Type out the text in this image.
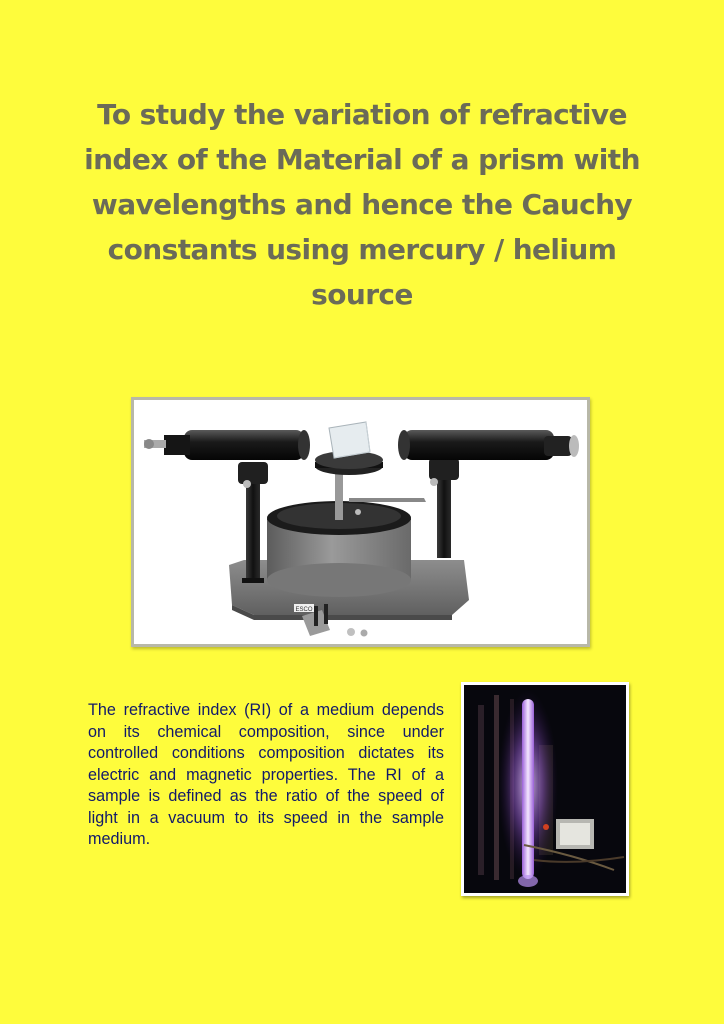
To study the variation of refractive index of the Material of a prism with wavelengths and hence the Cauchy constants using mercury / helium source
ESCO

The refractive index (RI) of a medium depends on its chemical composition, since under controlled conditions composition dictates its electric and magnetic properties. The RI of a sample is defined as the ratio of the speed of light in a vacuum to its speed in the sample medium.
